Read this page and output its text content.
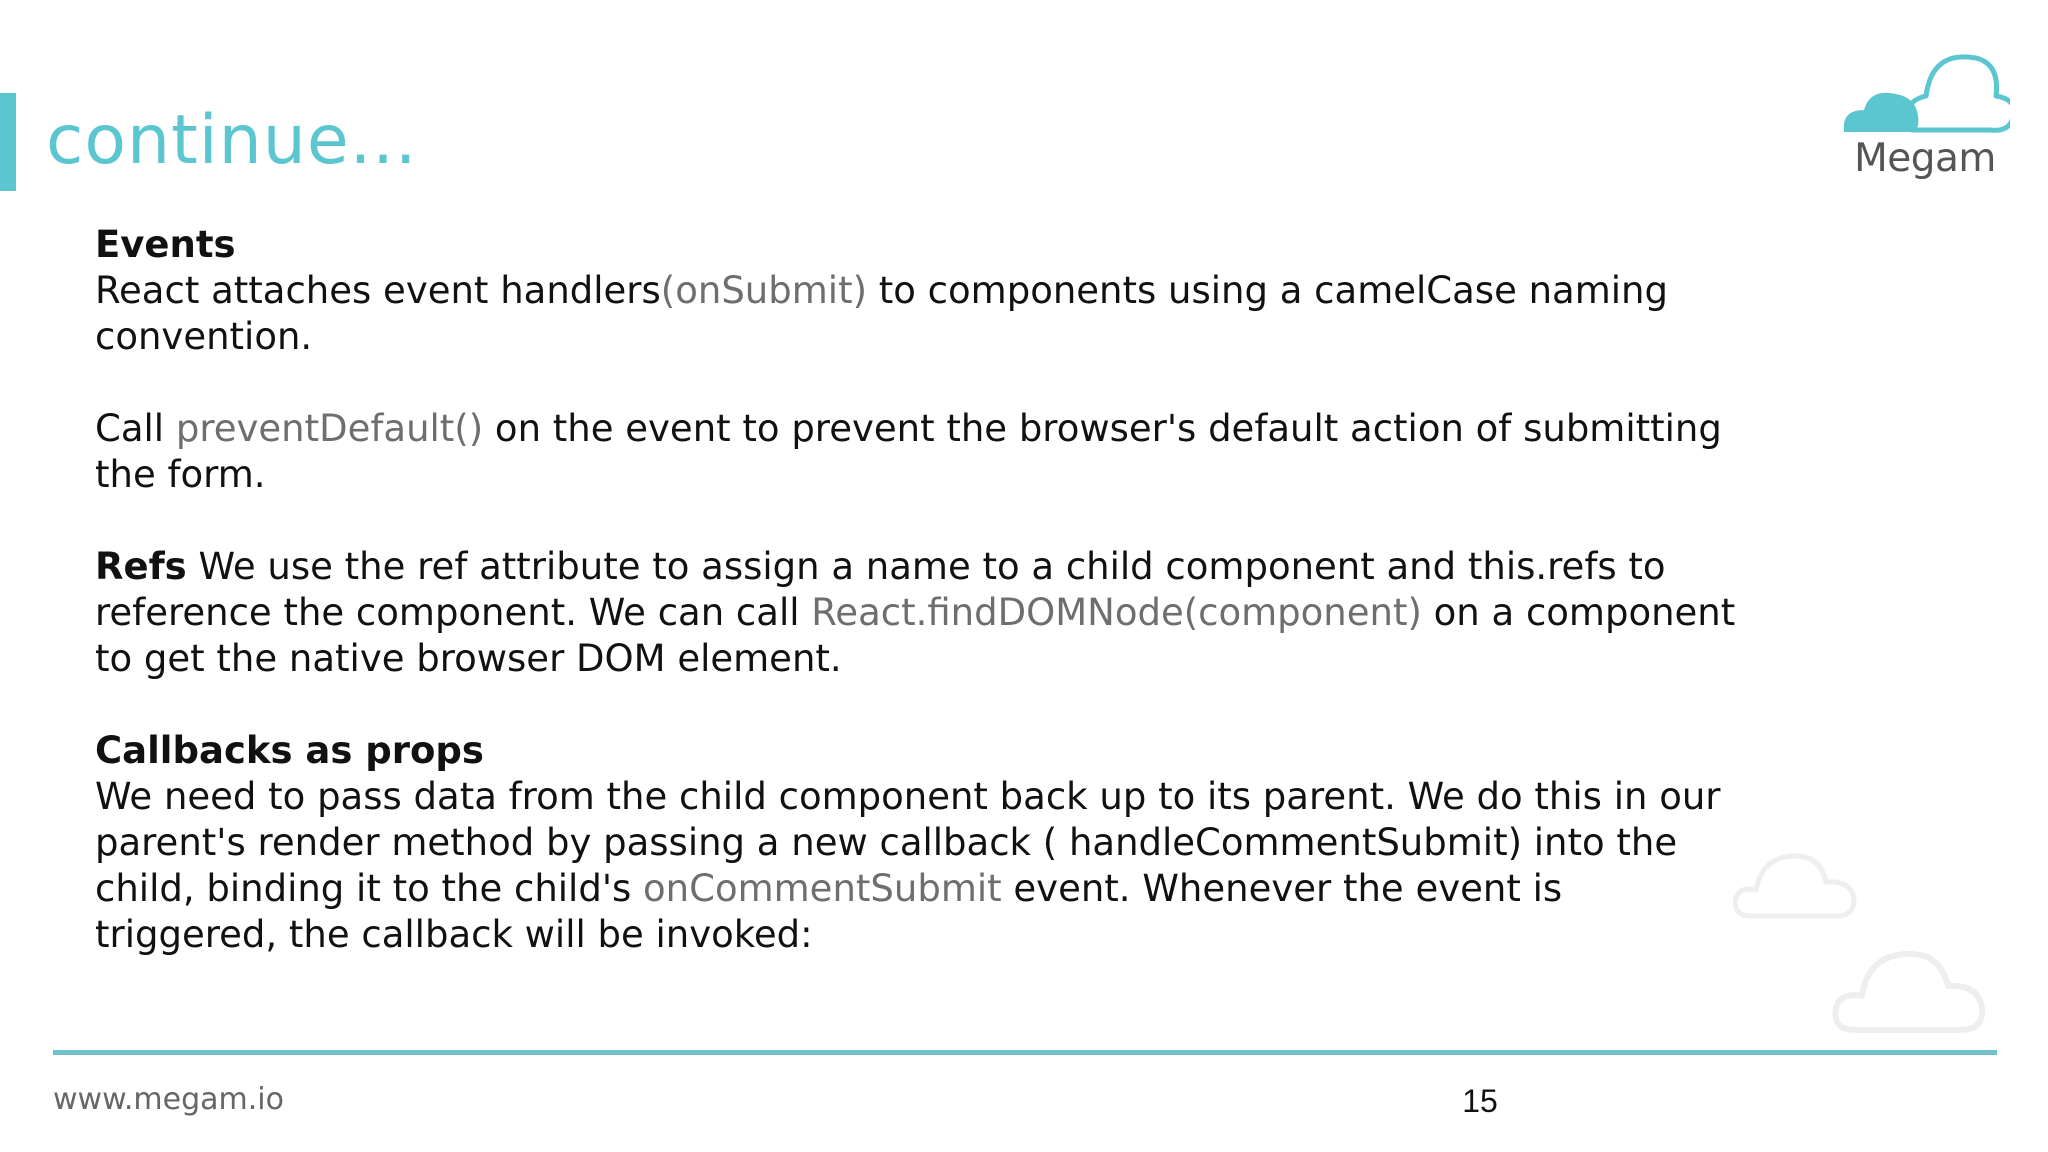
continue...	Megam

Events

React attaches event handlers(onSubmit) to components using a camelCase naming convention.

Call preventDefault() on the event to prevent the browser's default action of submitting the form.

Refs We use the ref attribute to assign a name to a child component and this.refs to reference the component. We can call React.findDOMNode(component) on a component to get the native browser DOM element.

Callbacks as props

We need to pass data from the child component back up to its parent. We do this in our parent's render method by passing a new callback ( handleCommentSubmit) into the child, binding it to the child's onCommentSubmit event. Whenever the event is triggered, the callback will be invoked:

www.megam.io	15
